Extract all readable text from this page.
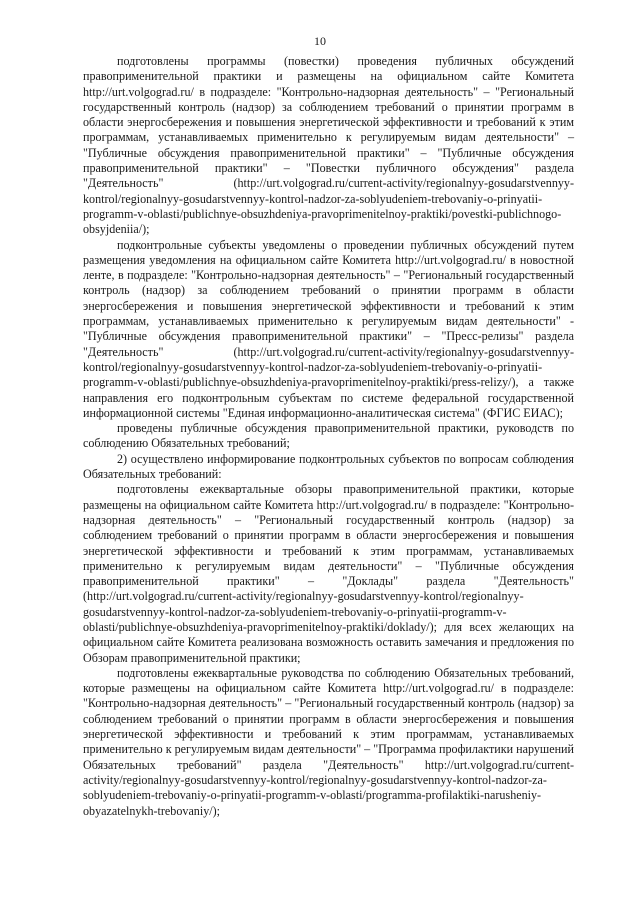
10

подготовлены программы (повестки) проведения публичных обсуждений правоприменительной практики и размещены на официальном сайте Комитета http://urt.volgograd.ru/ в подразделе: "Контрольно-надзорная деятельность" – "Региональный государственный контроль (надзор) за соблюдением требований о принятии программ в области энергосбережения и повышения энергетической эффективности и требований к этим программам, устанавливаемых применительно к регулируемым видам деятельности" – "Публичные обсуждения правоприменительной практики" – "Публичные обсуждения правоприменительной практики" – "Повестки публичного обсуждения" раздела "Деятельность" (http://urt.volgograd.ru/current-activity/regionalnyy-gosudarstvennyy-kontrol/regionalnyy-gosudarstvennyy-kontrol-nadzor-za-soblyudeniem-trebovaniy-o-prinyatii-programm-v-oblasti/publichnye-obsuzhdeniya-pravoprimenitelnoy-praktiki/povestki-publichnogo-obsyjdeniia/);

подконтрольные субъекты уведомлены о проведении публичных обсуждений путем размещения уведомления на официальном сайте Комитета http://urt.volgograd.ru/ в новостной ленте, в подразделе: "Контрольно-надзорная деятельность" – "Региональный государственный контроль (надзор) за соблюдением требований о принятии программ в области энергосбережения и повышения энергетической эффективности и требований к этим программам, устанавливаемых применительно к регулируемым видам деятельности" - "Публичные обсуждения правоприменительной практики" – "Пресс-релизы" раздела "Деятельность" (http://urt.volgograd.ru/current-activity/regionalnyy-gosudarstvennyy-kontrol/regionalnyy-gosudarstvennyy-kontrol-nadzor-za-soblyudeniem-trebovaniy-o-prinyatii-programm-v-oblasti/publichnye-obsuzhdeniya-pravoprimenitelnoy-praktiki/press-relizy/), а также направления его подконтрольным субъектам по системе федеральной государственной информационной системы "Единая информационно-аналитическая система" (ФГИС ЕИАС);

проведены публичные обсуждения правоприменительной практики, руководств по соблюдению Обязательных требований;

2) осуществлено информирование подконтрольных субъектов по вопросам соблюдения Обязательных требований:

подготовлены ежеквартальные обзоры правоприменительной практики, которые размещены на официальном сайте Комитета http://urt.volgograd.ru/ в подразделе: "Контрольно-надзорная деятельность" – "Региональный государственный контроль (надзор) за соблюдением требований о принятии программ в области энергосбережения и повышения энергетической эффективности и требований к этим программам, устанавливаемых применительно к регулируемым видам деятельности" – "Публичные обсуждения правоприменительной практики" – "Доклады" раздела "Деятельность" (http://urt.volgograd.ru/current-activity/regionalnyy-gosudarstvennyy-kontrol/regionalnyy-gosudarstvennyy-kontrol-nadzor-za-soblyudeniem-trebovaniy-o-prinyatii-programm-v-oblasti/publichnye-obsuzhdeniya-pravoprimenitelnoy-praktiki/doklady/); для всех желающих на официальном сайте Комитета реализована возможность оставить замечания и предложения по Обзорам правоприменительной практики;

подготовлены ежеквартальные руководства по соблюдению Обязательных требований, которые размещены на официальном сайте Комитета http://urt.volgograd.ru/ в подразделе: "Контрольно-надзорная деятельность" – "Региональный государственный контроль (надзор) за соблюдением требований о принятии программ в области энергосбережения и повышения энергетической эффективности и требований к этим программам, устанавливаемых применительно к регулируемым видам деятельности" – "Программа профилактики нарушений Обязательных требований" раздела "Деятельность" http://urt.volgograd.ru/current-activity/regionalnyy-gosudarstvennyy-kontrol/regionalnyy-gosudarstvennyy-kontrol-nadzor-za-soblyudeniem-trebovaniy-o-prinyatii-programm-v-oblasti/programma-profilaktiki-narusheniy-obyazatelnykh-trebovaniy/);
